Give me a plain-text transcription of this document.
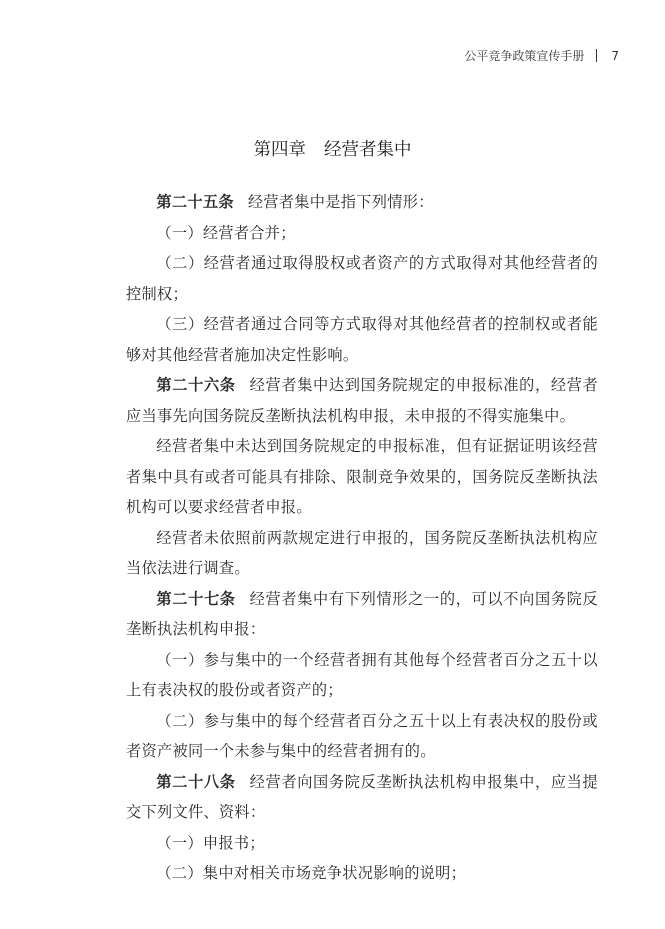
公平竞争政策宣传手册 7
第四章 经营者集中

第二十五条 经营者集中是指下列情形：

（一）经营者合并；

（二）经营者通过取得股权或者资产的方式取得对其他经营者的控制权；

（三）经营者通过合同等方式取得对其他经营者的控制权或者能够对其他经营者施加决定性影响。

第二十六条 经营者集中达到国务院规定的申报标准的，经营者应当事先向国务院反垄断执法机构申报，未申报的不得实施集中。

经营者集中未达到国务院规定的申报标准，但有证据证明该经营者集中具有或者可能具有排除、限制竞争效果的，国务院反垄断执法机构可以要求经营者申报。

经营者未依照前两款规定进行申报的，国务院反垄断执法机构应当依法进行调查。

第二十七条 经营者集中有下列情形之一的，可以不向国务院反垄断执法机构申报：

（一）参与集中的一个经营者拥有其他每个经营者百分之五十以上有表决权的股份或者资产的；

（二）参与集中的每个经营者百分之五十以上有表决权的股份或者资产被同一个未参与集中的经营者拥有的。

第二十八条 经营者向国务院反垄断执法机构申报集中，应当提交下列文件、资料：

（一）申报书；

（二）集中对相关市场竞争状况影响的说明；
